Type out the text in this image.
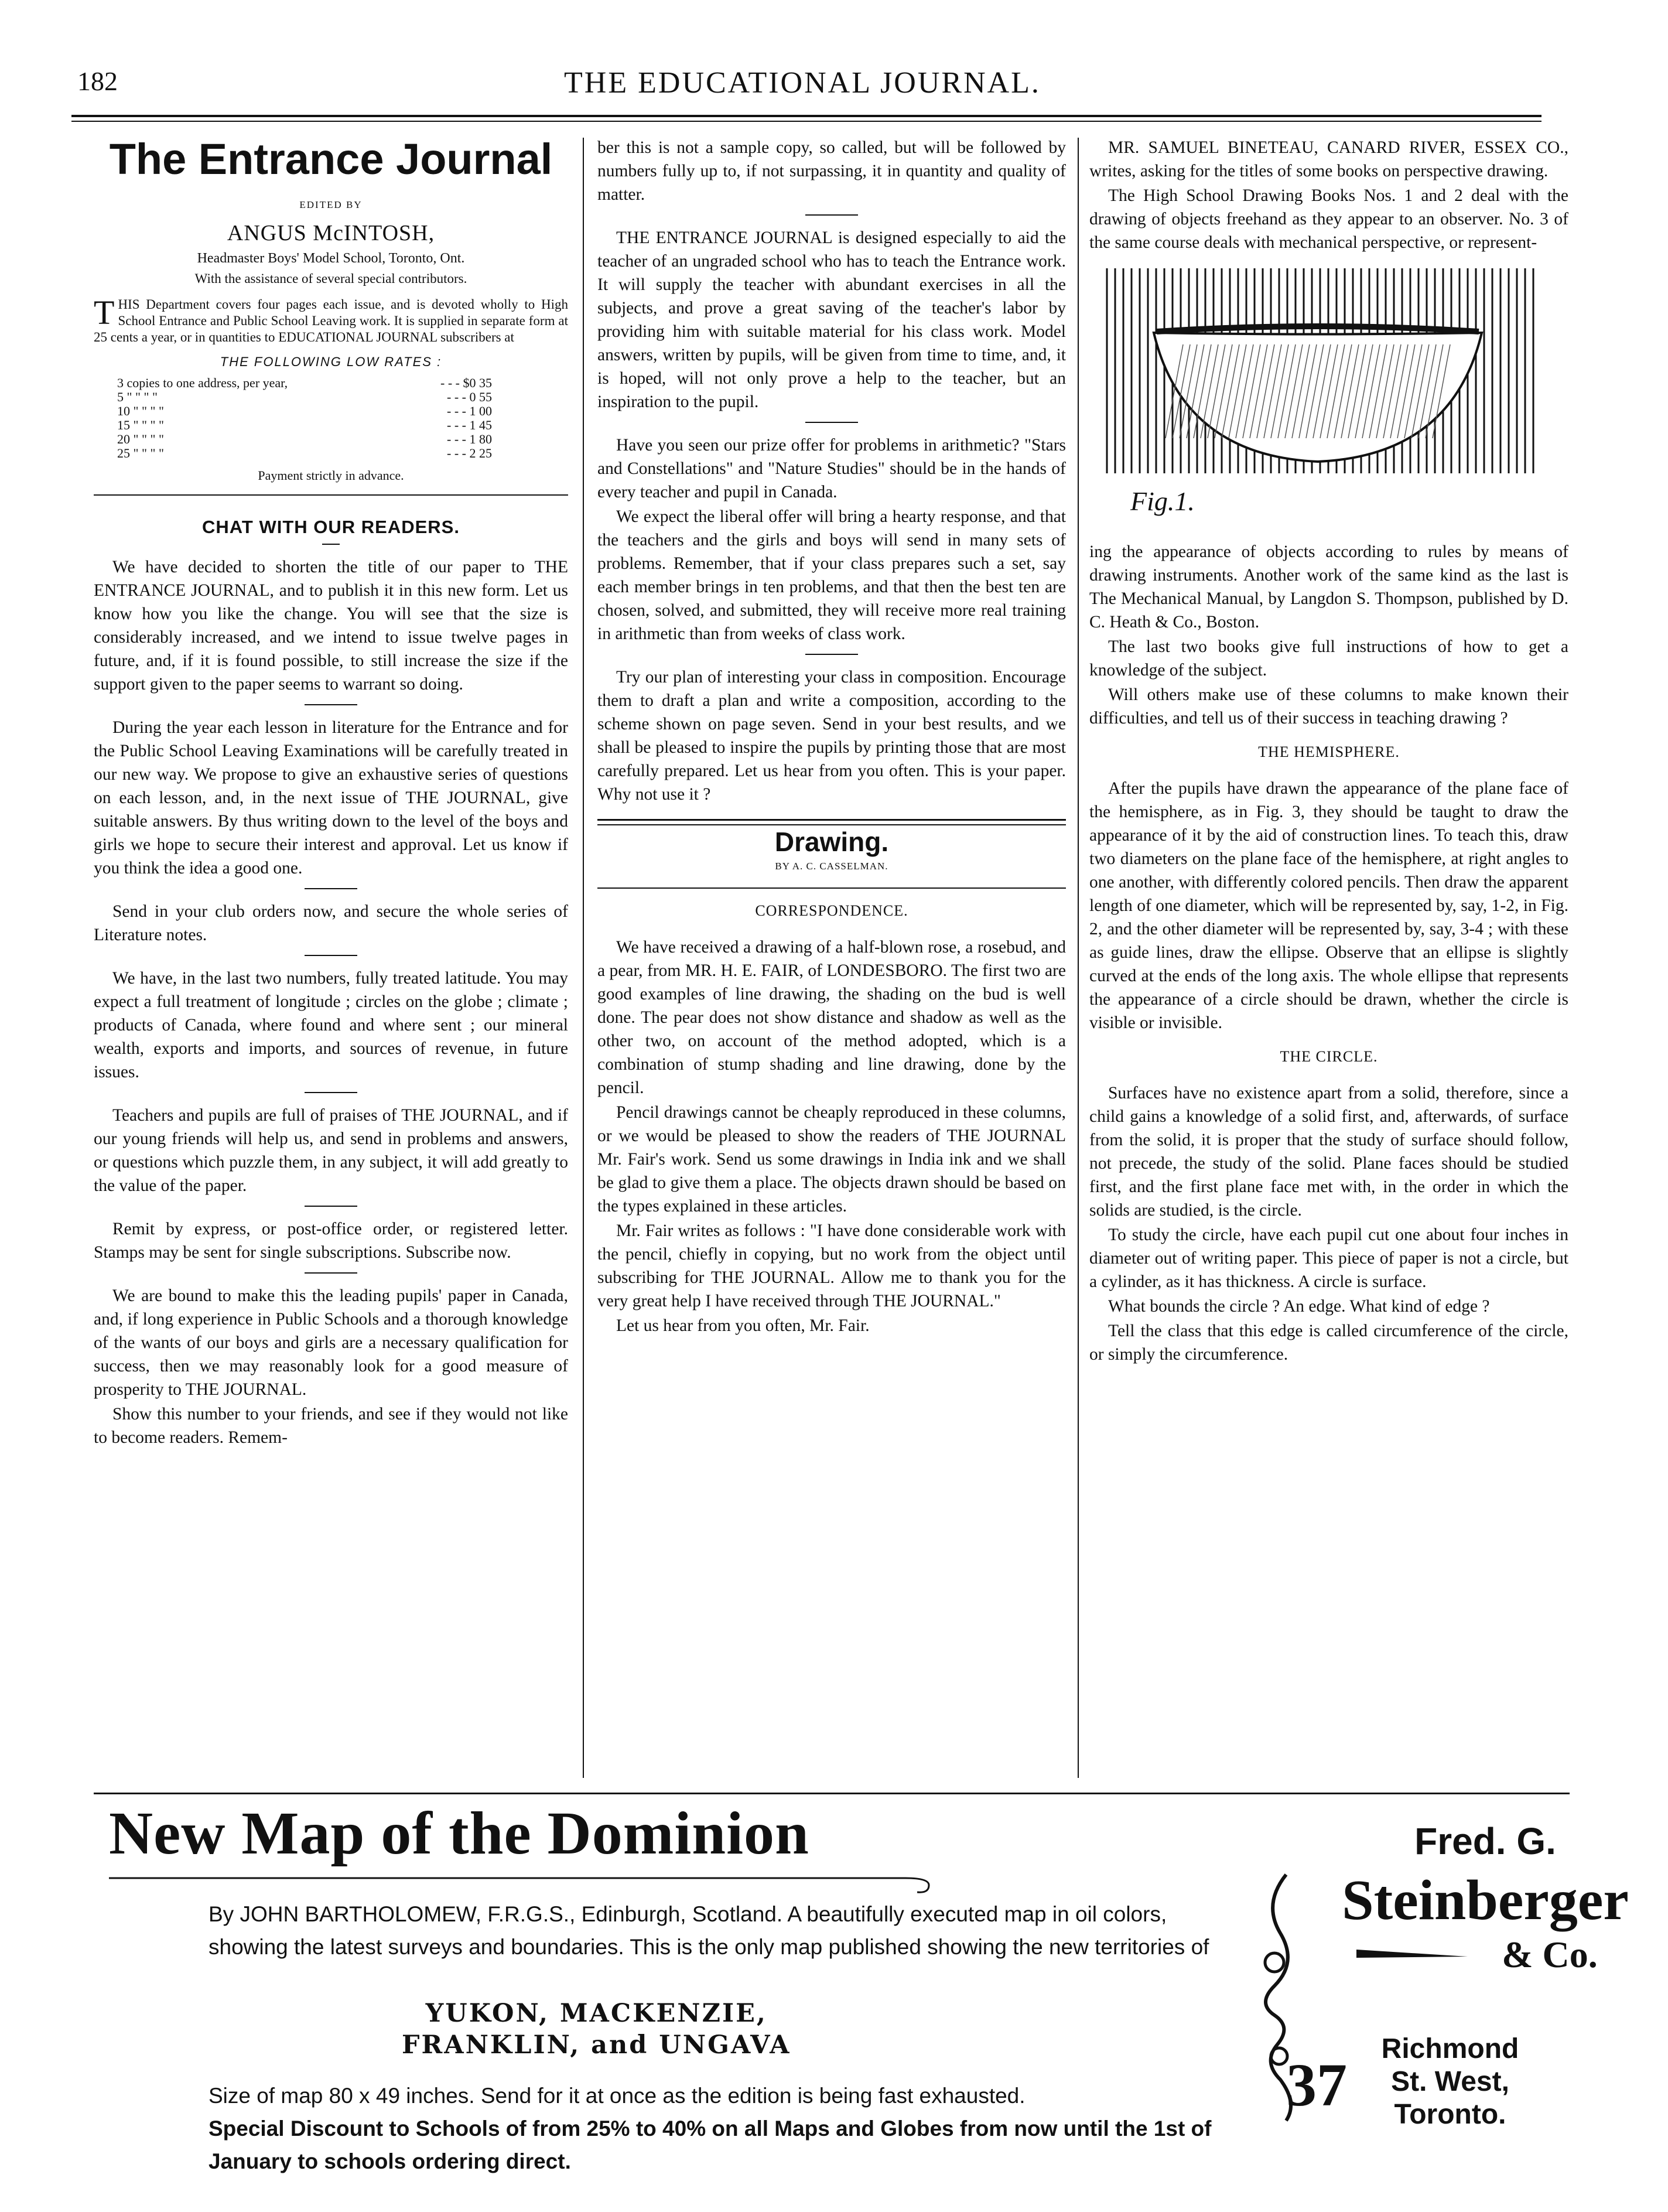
182	THE EDUCATIONAL JOURNAL.
The Entrance Journal
EDITED BY
ANGUS McINTOSH,
Headmaster Boys' Model School, Toronto, Ont.
With the assistance of several special contributors.
T HIS Department covers four pages each issue, and is devoted wholly to High School Entrance and Public School Leaving work. It is supplied in separate form at 25 cents a year, or in quantities to EDUCATIONAL JOURNAL subscribers at
THE FOLLOWING LOW RATES :
3 copies to one address, per year,	- - - $0 35
5 " " " "	- - - 0 55
10 " " " "	- - - 1 00
15 " " " "	- - - 1 45
20 " " " "	- - - 1 80
25 " " " "	- - - 2 25
Payment strictly in advance.
CHAT WITH OUR READERS.

We have decided to shorten the title of our paper to THE ENTRANCE JOURNAL, and to publish it in this new form. Let us know how you like the change. You will see that the size is considerably increased, and we intend to issue twelve pages in future, and, if it is found possible, to still increase the size if the support given to the paper seems to warrant so doing.

During the year each lesson in literature for the Entrance and for the Public School Leaving Examinations will be carefully treated in our new way. We propose to give an exhaustive series of questions on each lesson, and, in the next issue of THE JOURNAL, give suitable answers. By thus writing down to the level of the boys and girls we hope to secure their interest and approval. Let us know if you think the idea a good one.

Send in your club orders now, and secure the whole series of Literature notes.

We have, in the last two numbers, fully treated latitude. You may expect a full treatment of longitude ; circles on the globe ; climate ; products of Canada, where found and where sent ; our mineral wealth, exports and imports, and sources of revenue, in future issues.

Teachers and pupils are full of praises of THE JOURNAL, and if our young friends will help us, and send in problems and answers, or questions which puzzle them, in any subject, it will add greatly to the value of the paper.

Remit by express, or post-office order, or registered letter. Stamps may be sent for single subscriptions. Subscribe now.

We are bound to make this the leading pupils' paper in Canada, and, if long experience in Public Schools and a thorough knowledge of the wants of our boys and girls are a necessary qualification for success, then we may reasonably look for a good measure of prosperity to THE JOURNAL.

Show this number to your friends, and see if they would not like to become readers. Remem-

ber this is not a sample copy, so called, but will be followed by numbers fully up to, if not surpassing, it in quantity and quality of matter.

THE ENTRANCE JOURNAL is designed especially to aid the teacher of an ungraded school who has to teach the Entrance work. It will supply the teacher with abundant exercises in all the subjects, and prove a great saving of the teacher's labor by providing him with suitable material for his class work. Model answers, written by pupils, will be given from time to time, and, it is hoped, will not only prove a help to the teacher, but an inspiration to the pupil.

Have you seen our prize offer for problems in arithmetic? "Stars and Constellations" and "Nature Studies" should be in the hands of every teacher and pupil in Canada.

We expect the liberal offer will bring a hearty response, and that the teachers and the girls and boys will send in many sets of problems. Remember, that if your class prepares such a set, say each member brings in ten problems, and that then the best ten are chosen, solved, and submitted, they will receive more real training in arithmetic than from weeks of class work.

Try our plan of interesting your class in composition. Encourage them to draft a plan and write a composition, according to the scheme shown on page seven. Send in your best results, and we shall be pleased to inspire the pupils by printing those that are most carefully prepared. Let us hear from you often. This is your paper. Why not use it ?

Drawing.
BY A. C. CASSELMAN.
CORRESPONDENCE.

We have received a drawing of a half-blown rose, a rosebud, and a pear, from MR. H. E. FAIR, of LONDESBORO. The first two are good examples of line drawing, the shading on the bud is well done. The pear does not show distance and shadow as well as the other two, on account of the method adopted, which is a combination of stump shading and line drawing, done by the pencil.

Pencil drawings cannot be cheaply reproduced in these columns, or we would be pleased to show the readers of THE JOURNAL Mr. Fair's work. Send us some drawings in India ink and we shall be glad to give them a place. The objects drawn should be based on the types explained in these articles.

Mr. Fair writes as follows : "I have done considerable work with the pencil, chiefly in copying, but no work from the object until subscribing for THE JOURNAL. Allow me to thank you for the very great help I have received through THE JOURNAL."

Let us hear from you often, Mr. Fair.

MR. SAMUEL BINETEAU, CANARD RIVER, ESSEX CO., writes, asking for the titles of some books on perspective drawing.

The High School Drawing Books Nos. 1 and 2 deal with the drawing of objects freehand as they appear to an observer. No. 3 of the same course deals with mechanical perspective, or represent-

Fig.1.

ing the appearance of objects according to rules by means of drawing instruments. Another work of the same kind as the last is The Mechanical Manual, by Langdon S. Thompson, published by D. C. Heath & Co., Boston.

The last two books give full instructions of how to get a knowledge of the subject.

Will others make use of these columns to make known their difficulties, and tell us of their success in teaching drawing ?

THE HEMISPHERE.

After the pupils have drawn the appearance of the plane face of the hemisphere, as in Fig. 3, they should be taught to draw the appearance of it by the aid of construction lines. To teach this, draw two diameters on the plane face of the hemisphere, at right angles to one another, with differently colored pencils. Then draw the apparent length of one diameter, which will be represented by, say, 1-2, in Fig. 2, and the other diameter will be represented by, say, 3-4 ; with these as guide lines, draw the ellipse. Observe that an ellipse is slightly curved at the ends of the long axis. The whole ellipse that represents the appearance of a circle should be drawn, whether the circle is visible or invisible.

THE CIRCLE.

Surfaces have no existence apart from a solid, therefore, since a child gains a knowledge of a solid first, and, afterwards, of surface from the solid, it is proper that the study of surface should follow, not precede, the study of the solid. Plane faces should be studied first, and the first plane face met with, in the order in which the solids are studied, is the circle.

To study the circle, have each pupil cut one about four inches in diameter out of writing paper. This piece of paper is not a circle, but a cylinder, as it has thickness. A circle is surface.

What bounds the circle ? An edge. What kind of edge ?

Tell the class that this edge is called circumference of the circle, or simply the circumference.

New Map of the Dominion
By JOHN BARTHOLOMEW, F.R.G.S., Edinburgh, Scotland. A beautifully executed map in oil colors, showing the latest surveys and boundaries. This is the only map published showing the new territories of
YUKON, MACKENZIE,
FRANKLIN, and UNGAVA
Size of map 80 x 49 inches. Send for it at once as the edition is being fast exhausted.
Special Discount to Schools of from 25% to 40% on all Maps and Globes from now until the 1st of January to schools ordering direct.
Fred. G.
Steinberger
& Co.
37
Richmond
St. West,
Toronto.
